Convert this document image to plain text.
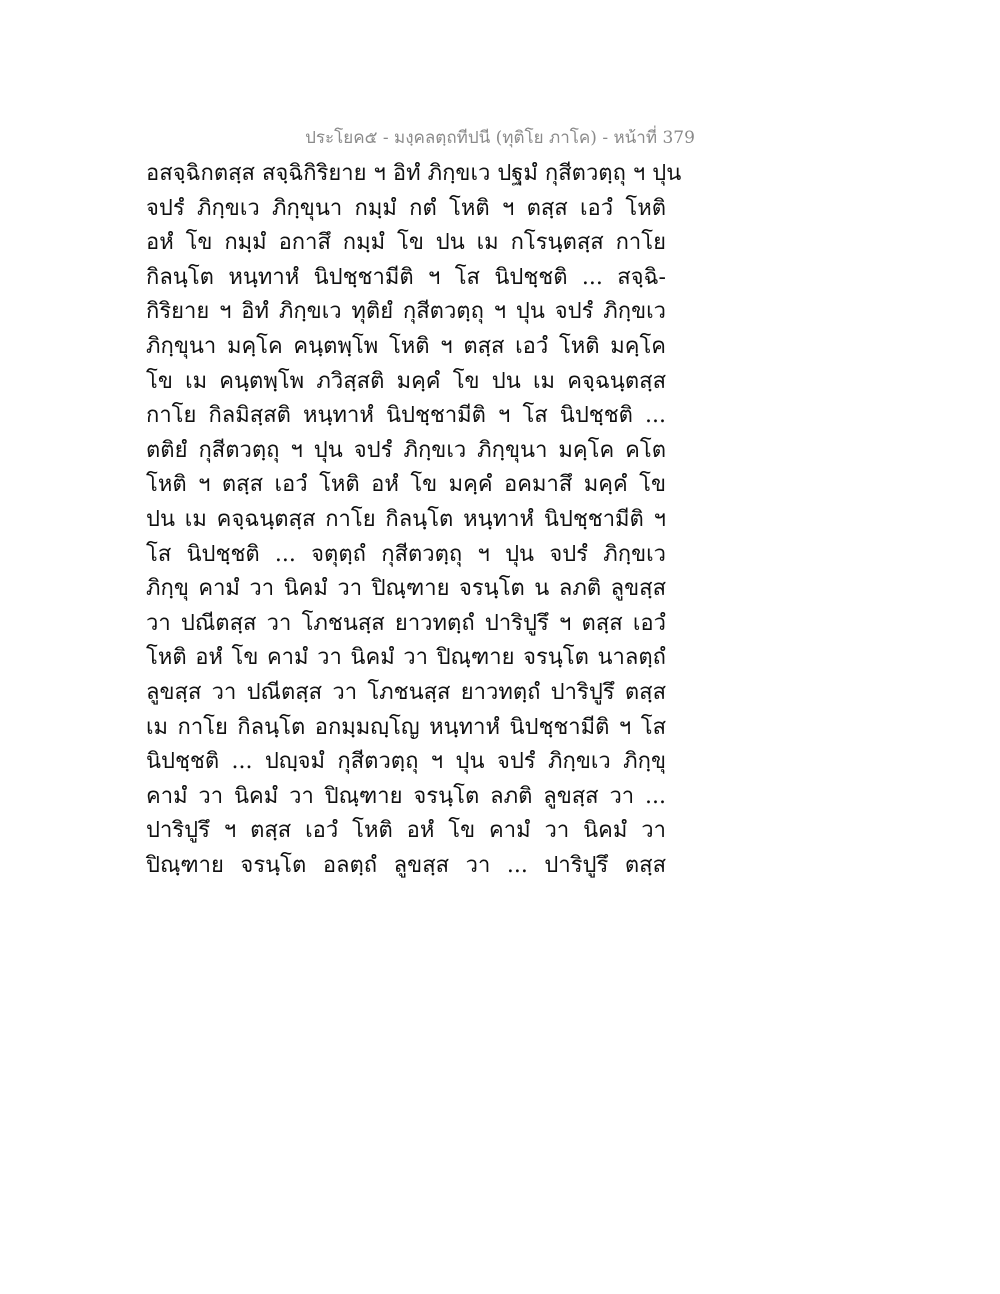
ประโยค๕ - มงฺคลตฺถทีปนี (ทุติโย ภาโค) - หน้าที่ 379
อสจฺฉิกตสฺส สจฺฉิกิริยาย ฯ อิทํ ภิกฺขเว ปฐมํ กุสีตวตฺถุ ฯ ปุน
จปรํ ภิกฺขเว ภิกฺขุนา กมฺมํ กตํ โหติ ฯ ตสฺส เอวํ โหติ
อหํ โข กมฺมํ อกาสึ กมฺมํ โข ปน เม กโรนฺตสฺส กาโย
กิลนฺโต หนฺทาหํ นิปชฺชามีติ ฯ โส นิปชฺชติ ... สจฺฉิ-
กิริยาย ฯ อิทํ ภิกฺขเว ทุติยํ กุสีตวตฺถุ ฯ ปุน จปรํ ภิกฺขเว
ภิกฺขุนา มคฺโค คนฺตพฺโพ โหติ ฯ ตสฺส เอวํ โหติ มคฺโค
โข เม คนฺตพฺโพ ภวิสฺสติ มคฺคํ โข ปน เม คจฺฉนฺตสฺส
กาโย กิลมิสฺสติ หนฺทาหํ นิปชฺชามีติ ฯ โส นิปชฺชติ ...
ตติยํ กุสีตวตฺถุ ฯ ปุน จปรํ ภิกฺขเว ภิกฺขุนา มคฺโค คโต
โหติ ฯ ตสฺส เอวํ โหติ อหํ โข มคฺคํ อคมาสึ มคฺคํ โข
ปน เม คจฺฉนฺตสฺส กาโย กิลนฺโต หนฺทาหํ นิปชฺชามีติ ฯ
โส นิปชฺชติ ... จตุตฺถํ กุสีตวตฺถุ ฯ ปุน จปรํ ภิกฺขเว
ภิกฺขุ คามํ วา นิคมํ วา ปิณฺฑาย จรนฺโต น ลภติ ลูขสฺส
วา ปณีตสฺส วา โภชนสฺส ยาวทตฺถํ ปาริปูรึ ฯ ตสฺส เอวํ
โหติ อหํ โข คามํ วา นิคมํ วา ปิณฺฑาย จรนฺโต นาลตฺถํ
ลูขสฺส วา ปณีตสฺส วา โภชนสฺส ยาวทตฺถํ ปาริปูรึ ตสฺส
เม กาโย กิลนฺโต อกมฺมญฺโญ หนฺทาหํ นิปชฺชามีติ ฯ โส
นิปชฺชติ ... ปญฺจมํ กุสีตวตฺถุ ฯ ปุน จปรํ ภิกฺขเว ภิกฺขุ
คามํ วา นิคมํ วา ปิณฺฑาย จรนฺโต ลภติ ลูขสฺส วา ...
ปาริปูรึ ฯ ตสฺส เอวํ โหติ อหํ โข คามํ วา นิคมํ วา
ปิณฺฑาย จรนฺโต อลตฺถํ ลูขสฺส วา ... ปาริปูรึ ตสฺส
